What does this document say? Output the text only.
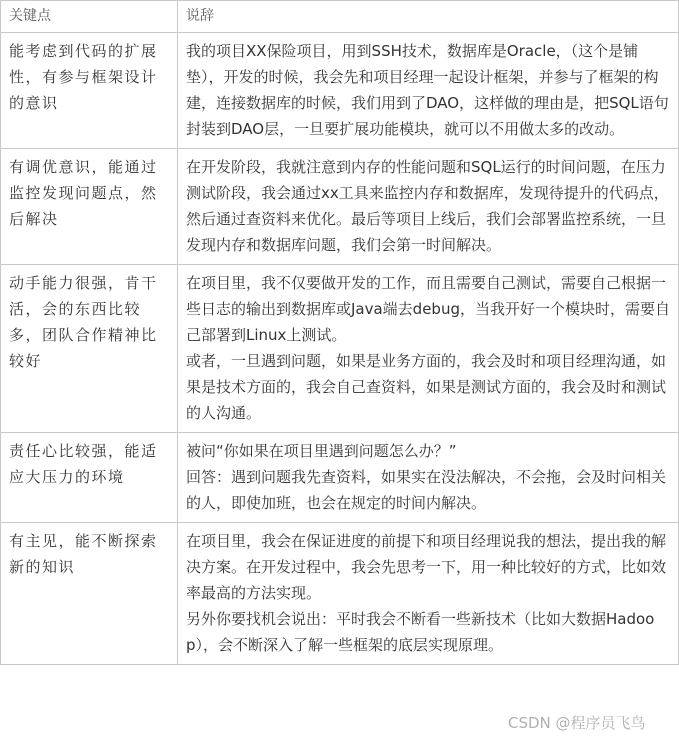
关键点	说辞
能考虑到代码的扩展性，有参与框架设计的意识	我的项目XX保险项目，用到SSH技术，数据库是Oracle，（这个是铺垫），开发的时候，我会先和项目经理一起设计框架，并参与了框架的构建，连接数据库的时候，我们用到了DAO，这样做的理由是，把SQL语句封装到DAO层，一旦要扩展功能模块，就可以不用做太多的改动。

有调优意识，能通过监控发现问题点，然后解决	在开发阶段，我就注意到内存的性能问题和SQL运行的时间问题，在压力测试阶段，我会通过xx工具来监控内存和数据库，发现待提升的代码点，然后通过查资料来优化。最后等项目上线后，我们会部署监控系统，一旦发现内存和数据库问题，我们会第一时间解决。

动手能力很强，肯干活，会的东西比较多，团队合作精神比较好	在项目里，我不仅要做开发的工作，而且需要自己测试，需要自己根据一些日志的输出到数据库或Java端去debug，当我开好一个模块时，需要自己部署到Linux上测试。

或者，一旦遇到问题，如果是业务方面的，我会及时和项目经理沟通，如果是技术方面的，我会自己查资料，如果是测试方面的，我会及时和测试的人沟通。

责任心比较强，能适应大压力的环境	被问“你如果在项目里遇到问题怎么办？”

回答：遇到问题我先查资料，如果实在没法解决，不会拖，会及时问相关的人，即使加班，也会在规定的时间内解决。

有主见，能不断探索新的知识	在项目里，我会在保证进度的前提下和项目经理说我的想法，提出我的解决方案。在开发过程中，我会先思考一下，用一种比较好的方式，比如效率最高的方法实现。

另外你要找机会说出：平时我会不断看一些新技术（比如大数据Hadoop），会不断深入了解一些框架的底层实现原理。

CSDN @程序员飞鸟
